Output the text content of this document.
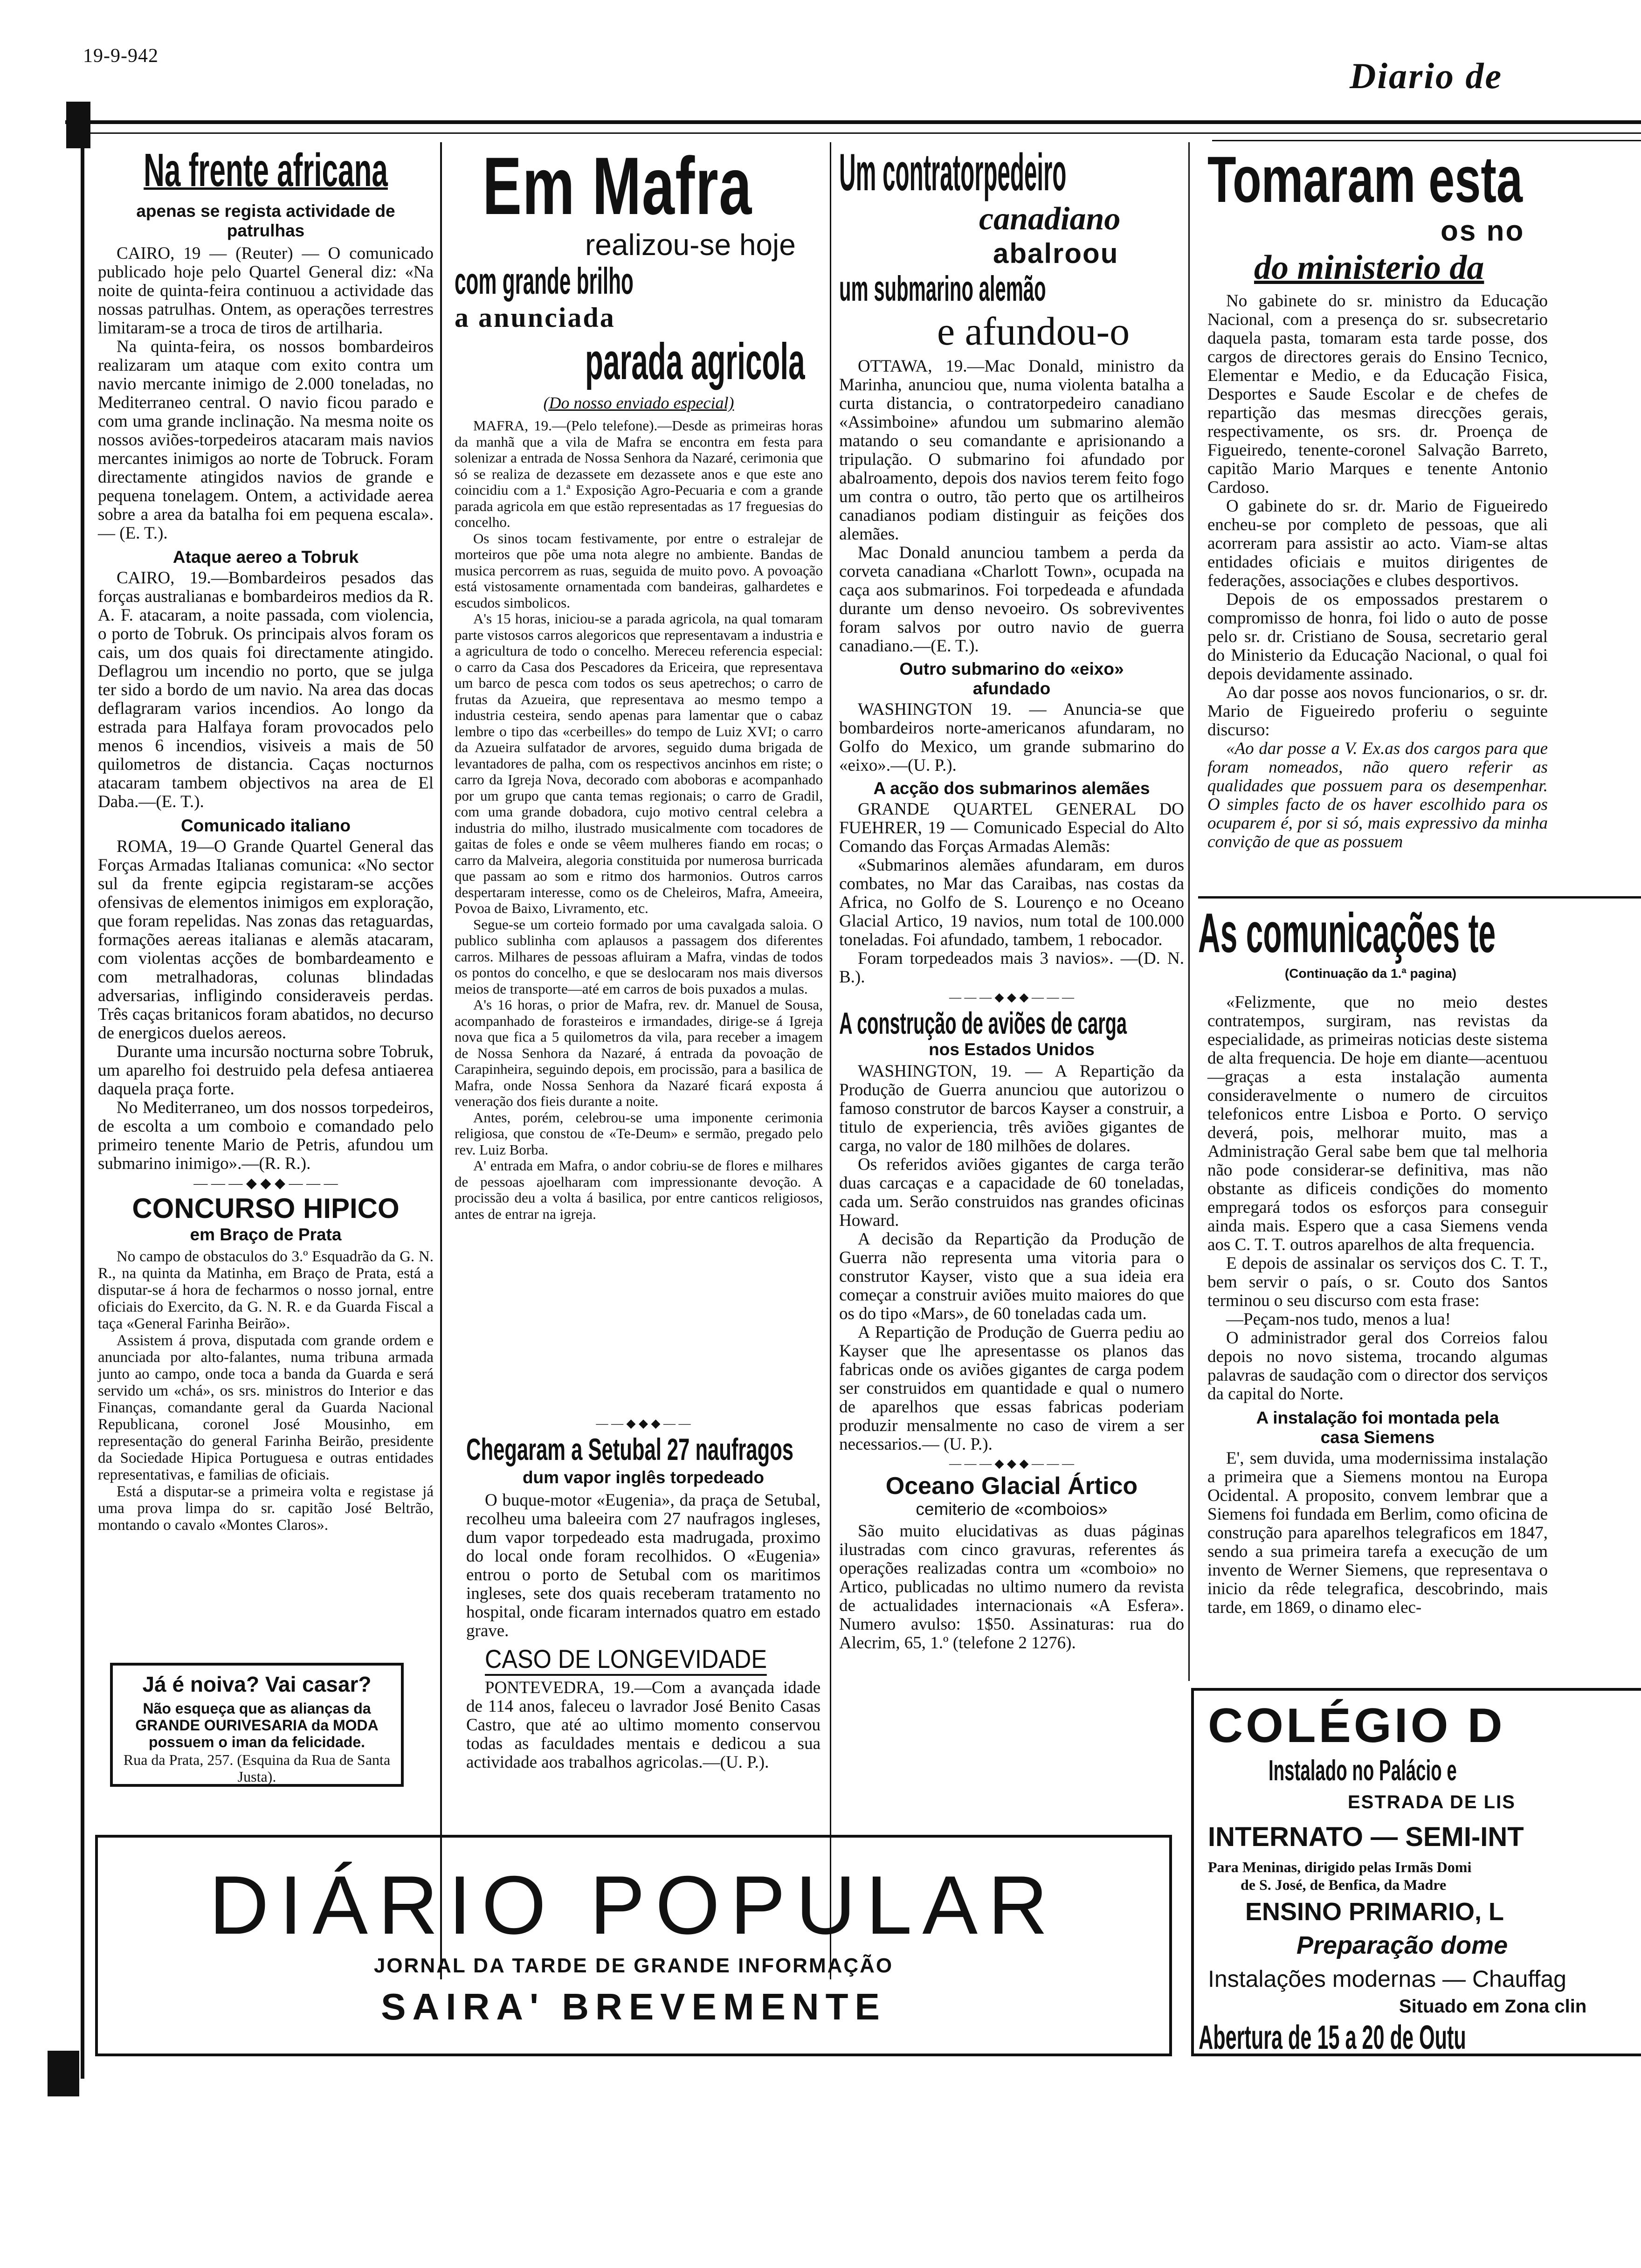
19-9-942	Diario de
Na frente africana
apenas se regista actividade de patrulhas

CAIRO, 19 — (Reuter) — O comunicado publicado hoje pelo Quartel General diz: «Na noite de quinta-feira continuou a actividade das nossas patrulhas. Ontem, as operações terrestres limitaram-se a troca de tiros de artilharia.

Na quinta-feira, os nossos bombardeiros realizaram um ataque com exito contra um navio mercante inimigo de 2.000 toneladas, no Mediterraneo central. O navio ficou parado e com uma grande inclinação. Na mesma noite os nossos aviões-torpedeiros atacaram mais navios mercantes inimigos ao norte de Tobruck. Foram directamente atingidos navios de grande e pequena tonelagem. Ontem, a actividade aerea sobre a area da batalha foi em pequena escala». — (E. T.).

Ataque aereo a Tobruk

CAIRO, 19.—Bombardeiros pesados das forças australianas e bombardeiros medios da R. A. F. atacaram, a noite passada, com violencia, o porto de Tobruk. Os principais alvos foram os cais, um dos quais foi directamente atingido. Deflagrou um incendio no porto, que se julga ter sido a bordo de um navio. Na area das docas deflagraram varios incendios. Ao longo da estrada para Halfaya foram provocados pelo menos 6 incendios, visiveis a mais de 50 quilometros de distancia. Caças nocturnos atacaram tambem objectivos na area de El Daba.—(E. T.).

Comunicado italiano

ROMA, 19—O Grande Quartel General das Forças Armadas Italianas comunica: «No sector sul da frente egipcia registaram-se acções ofensivas de elementos inimigos em exploração, que foram repelidas. Nas zonas das retaguardas, formações aereas italianas e alemãs atacaram, com violentas acções de bombardeamento e com metralhadoras, colunas blindadas adversarias, infligindo consideraveis perdas. Três caças britanicos foram abatidos, no decurso de energicos duelos aereos.

Durante uma incursão nocturna sobre Tobruk, um aparelho foi destruido pela defesa antiaerea daquela praça forte.

No Mediterraneo, um dos nossos torpedeiros, de escolta a um comboio e comandado pelo primeiro tenente Mario de Petris, afundou um submarino inimigo».—(R. R.).

— — — ◆ ◆ ◆ — — —
CONCURSO HIPICO
em Braço de Prata

No campo de obstaculos do 3.º Esquadrão da G. N. R., na quinta da Matinha, em Braço de Prata, está a disputar-se á hora de fecharmos o nosso jornal, entre oficiais do Exercito, da G. N. R. e da Guarda Fiscal a taça «General Farinha Beirão».

Assistem á prova, disputada com grande ordem e anunciada por alto-falantes, numa tribuna armada junto ao campo, onde toca a banda da Guarda e será servido um «chá», os srs. ministros do Interior e das Finanças, comandante geral da Guarda Nacional Republicana, coronel José Mousinho, em representação do general Farinha Beirão, presidente da Sociedade Hipica Portuguesa e outras entidades representativas, e familias de oficiais.

Está a disputar-se a primeira volta e registase já uma prova limpa do sr. capitão José Beltrão, montando o cavalo «Montes Claros».

Já é noiva? Vai casar?
Não esqueça que as alianças da GRANDE OURIVESARIA da MODA possuem o iman da felicidade.
Rua da Prata, 257. (Esquina da Rua de Santa Justa).
Em Mafra
realizou-se hoje
com grande brilho
a anunciada
parada agricola
(Do nosso enviado especial)

MAFRA, 19.—(Pelo telefone).—Desde as primeiras horas da manhã que a vila de Mafra se encontra em festa para solenizar a entrada de Nossa Senhora da Nazaré, cerimonia que só se realiza de dezassete em dezassete anos e que este ano coincidiu com a 1.ª Exposição Agro-Pecuaria e com a grande parada agricola em que estão representadas as 17 freguesias do concelho.

Os sinos tocam festivamente, por entre o estralejar de morteiros que põe uma nota alegre no ambiente. Bandas de musica percorrem as ruas, seguida de muito povo. A povoação está vistosamente ornamentada com bandeiras, galhardetes e escudos simbolicos.

A's 15 horas, iniciou-se a parada agricola, na qual tomaram parte vistosos carros alegoricos que representavam a industria e a agricultura de todo o concelho. Mereceu referencia especial: o carro da Casa dos Pescadores da Ericeira, que representava um barco de pesca com todos os seus apetrechos; o carro de frutas da Azueira, que representava ao mesmo tempo a industria cesteira, sendo apenas para lamentar que o cabaz lembre o tipo das «cerbeilles» do tempo de Luiz XVI; o carro da Azueira sulfatador de arvores, seguido duma brigada de levantadores de palha, com os respectivos ancinhos em riste; o carro da Igreja Nova, decorado com aboboras e acompanhado por um grupo que canta temas regionais; o carro de Gradil, com uma grande dobadora, cujo motivo central celebra a industria do milho, ilustrado musicalmente com tocadores de gaitas de foles e onde se vêem mulheres fiando em rocas; o carro da Malveira, alegoria constituida por numerosa burricada que passam ao som e ritmo dos harmonios. Outros carros despertaram interesse, como os de Cheleiros, Mafra, Ameeira, Povoa de Baixo, Livramento, etc.

Segue-se um corteio formado por uma cavalgada saloia. O publico sublinha com aplausos a passagem dos diferentes carros. Milhares de pessoas afluiram a Mafra, vindas de todos os pontos do concelho, e que se deslocaram nos mais diversos meios de transporte—até em carros de bois puxados a mulas.

A's 16 horas, o prior de Mafra, rev. dr. Manuel de Sousa, acompanhado de forasteiros e irmandades, dirige-se á Igreja nova que fica a 5 quilometros da vila, para receber a imagem de Nossa Senhora da Nazaré, á entrada da povoação de Carapinheira, seguindo depois, em procissão, para a basilica de Mafra, onde Nossa Senhora da Nazaré ficará exposta á veneração dos fieis durante a noite.

Antes, porém, celebrou-se uma imponente cerimonia religiosa, que constou de «Te-Deum» e sermão, pregado pelo rev. Luiz Borba.

A' entrada em Mafra, o andor cobriu-se de flores e milhares de pessoas ajoelharam com impressionante devoção. A procissão deu a volta á basilica, por entre canticos religiosos, antes de entrar na igreja.

— — ◆ ◆ ◆ — —
Chegaram a Setubal 27 naufragos
dum vapor inglês torpedeado

O buque-motor «Eugenia», da praça de Setubal, recolheu uma baleeira com 27 naufragos ingleses, dum vapor torpedeado esta madrugada, proximo do local onde foram recolhidos. O «Eugenia» entrou o porto de Setubal com os maritimos ingleses, sete dos quais receberam tratamento no hospital, onde ficaram internados quatro em estado grave.

CASO DE LONGEVIDADE

PONTEVEDRA, 19.—Com a avançada idade de 114 anos, faleceu o lavrador José Benito Casas Castro, que até ao ultimo momento conservou todas as faculdades mentais e dedicou a sua actividade aos trabalhos agricolas.—(U. P.).

Um contratorpedeiro
canadiano
abalroou
um submarino alemão
e afundou-o

OTTAWA, 19.—Mac Donald, ministro da Marinha, anunciou que, numa violenta batalha a curta distancia, o contratorpedeiro canadiano «Assimboine» afundou um submarino alemão matando o seu comandante e aprisionando a tripulação. O submarino foi afundado por abalroamento, depois dos navios terem feito fogo um contra o outro, tão perto que os artilheiros canadianos podiam distinguir as feições dos alemães.

Mac Donald anunciou tambem a perda da corveta canadiana «Charlott Town», ocupada na caça aos submarinos. Foi torpedeada e afundada durante um denso nevoeiro. Os sobreviventes foram salvos por outro navio de guerra canadiano.—(E. T.).

Outro submarino do «eixo» afundado

WASHINGTON 19. — Anuncia-se que bombardeiros norte-americanos afundaram, no Golfo do Mexico, um grande submarino do «eixo».—(U. P.).

A acção dos submarinos alemães

GRANDE QUARTEL GENERAL DO FUEHRER, 19 — Comunicado Especial do Alto Comando das Forças Armadas Alemãs:

«Submarinos alemães afundaram, em duros combates, no Mar das Caraibas, nas costas da Africa, no Golfo de S. Lourenço e no Oceano Glacial Artico, 19 navios, num total de 100.000 toneladas. Foi afundado, tambem, 1 rebocador.

Foram torpedeados mais 3 navios». —(D. N. B.).

— — — ◆ ◆ ◆ — — —
A construção de aviões de carga
nos Estados Unidos

WASHINGTON, 19. — A Repartição da Produção de Guerra anunciou que autorizou o famoso construtor de barcos Kayser a construir, a titulo de experiencia, três aviões gigantes de carga, no valor de 180 milhões de dolares.

Os referidos aviões gigantes de carga terão duas carcaças e a capacidade de 60 toneladas, cada um. Serão construidos nas grandes oficinas Howard.

A decisão da Repartição da Produção de Guerra não representa uma vitoria para o construtor Kayser, visto que a sua ideia era começar a construir aviões muito maiores do que os do tipo «Mars», de 60 toneladas cada um.

A Repartição de Produção de Guerra pediu ao Kayser que lhe apresentasse os planos das fabricas onde os aviões gigantes de carga podem ser construidos em quantidade e qual o numero de aparelhos que essas fabricas poderiam produzir mensalmente no caso de virem a ser necessarios.— (U. P.).

— — — ◆ ◆ ◆ — — —
Oceano Glacial Ártico
cemiterio de «comboios»

São muito elucidativas as duas páginas ilustradas com cinco gravuras, referentes ás operações realizadas contra um «comboio» no Artico, publicadas no ultimo numero da revista de actualidades internacionais «A Esfera». Numero avulso: 1$50. Assinaturas: rua do Alecrim, 65, 1.º (telefone 2 1276).

Tomaram esta
os no
do ministerio da

No gabinete do sr. ministro da Educação Nacional, com a presença do sr. subsecretario daquela pasta, tomaram esta tarde posse, dos cargos de directores gerais do Ensino Tecnico, Elementar e Medio, e da Educação Fisica, Desportes e Saude Escolar e de chefes de repartição das mesmas direcções gerais, respectivamente, os srs. dr. Proença de Figueiredo, tenente-coronel Salvação Barreto, capitão Mario Marques e tenente Antonio Cardoso.

O gabinete do sr. dr. Mario de Figueiredo encheu-se por completo de pessoas, que ali acorreram para assistir ao acto. Viam-se altas entidades oficiais e muitos dirigentes de federações, associações e clubes desportivos.

Depois de os empossados prestarem o compromisso de honra, foi lido o auto de posse pelo sr. dr. Cristiano de Sousa, secretario geral do Ministerio da Educação Nacional, o qual foi depois devidamente assinado.

Ao dar posse aos novos funcionarios, o sr. dr. Mario de Figueiredo proferiu o seguinte discurso:

«Ao dar posse a V. Ex.as dos cargos para que foram nomeados, não quero referir as qualidades que possuem para os desempenhar. O simples facto de os haver escolhido para os ocuparem é, por si só, mais expressivo da minha convição de que as possuem

As comunicações te
(Continuação da 1.ª pagina)

«Felizmente, que no meio destes contratempos, surgiram, nas revistas da especialidade, as primeiras noticias deste sistema de alta frequencia. De hoje em diante—acentuou—graças a esta instalação aumenta consideravelmente o numero de circuitos telefonicos entre Lisboa e Porto. O serviço deverá, pois, melhorar muito, mas a Administração Geral sabe bem que tal melhoria não pode considerar-se definitiva, mas não obstante as dificeis condições do momento empregará todos os esforços para conseguir ainda mais. Espero que a casa Siemens venda aos C. T. T. outros aparelhos de alta frequencia.

E depois de assinalar os serviços dos C. T. T., bem servir o país, o sr. Couto dos Santos terminou o seu discurso com esta frase:

—Peçam-nos tudo, menos a lua!

O administrador geral dos Correios falou depois no novo sistema, trocando algumas palavras de saudação com o director dos serviços da capital do Norte.

A instalação foi montada pela casa Siemens

E', sem duvida, uma modernissima instalação a primeira que a Siemens montou na Europa Ocidental. A proposito, convem lembrar que a Siemens foi fundada em Berlim, como oficina de construção para aparelhos telegraficos em 1847, sendo a sua primeira tarefa a execução de um invento de Werner Siemens, que representava o inicio da rêde telegrafica, descobrindo, mais tarde, em 1869, o dinamo elec-

COLÉGIO D
Instalado no Palácio e
ESTRADA DE LIS
INTERNATO — SEMI-INT
Para Meninas, dirigido pelas Irmãs Domi
de S. José, de Benfica, da Madre
ENSINO PRIMARIO, L
Preparação dome
Instalações modernas — Chauffag
Situado em Zona clin
Abertura de 15 a 20 de Outu
DIÁRIO POPULAR
JORNAL DA TARDE DE GRANDE INFORMAÇÃO
SAIRA' BREVEMENTE
